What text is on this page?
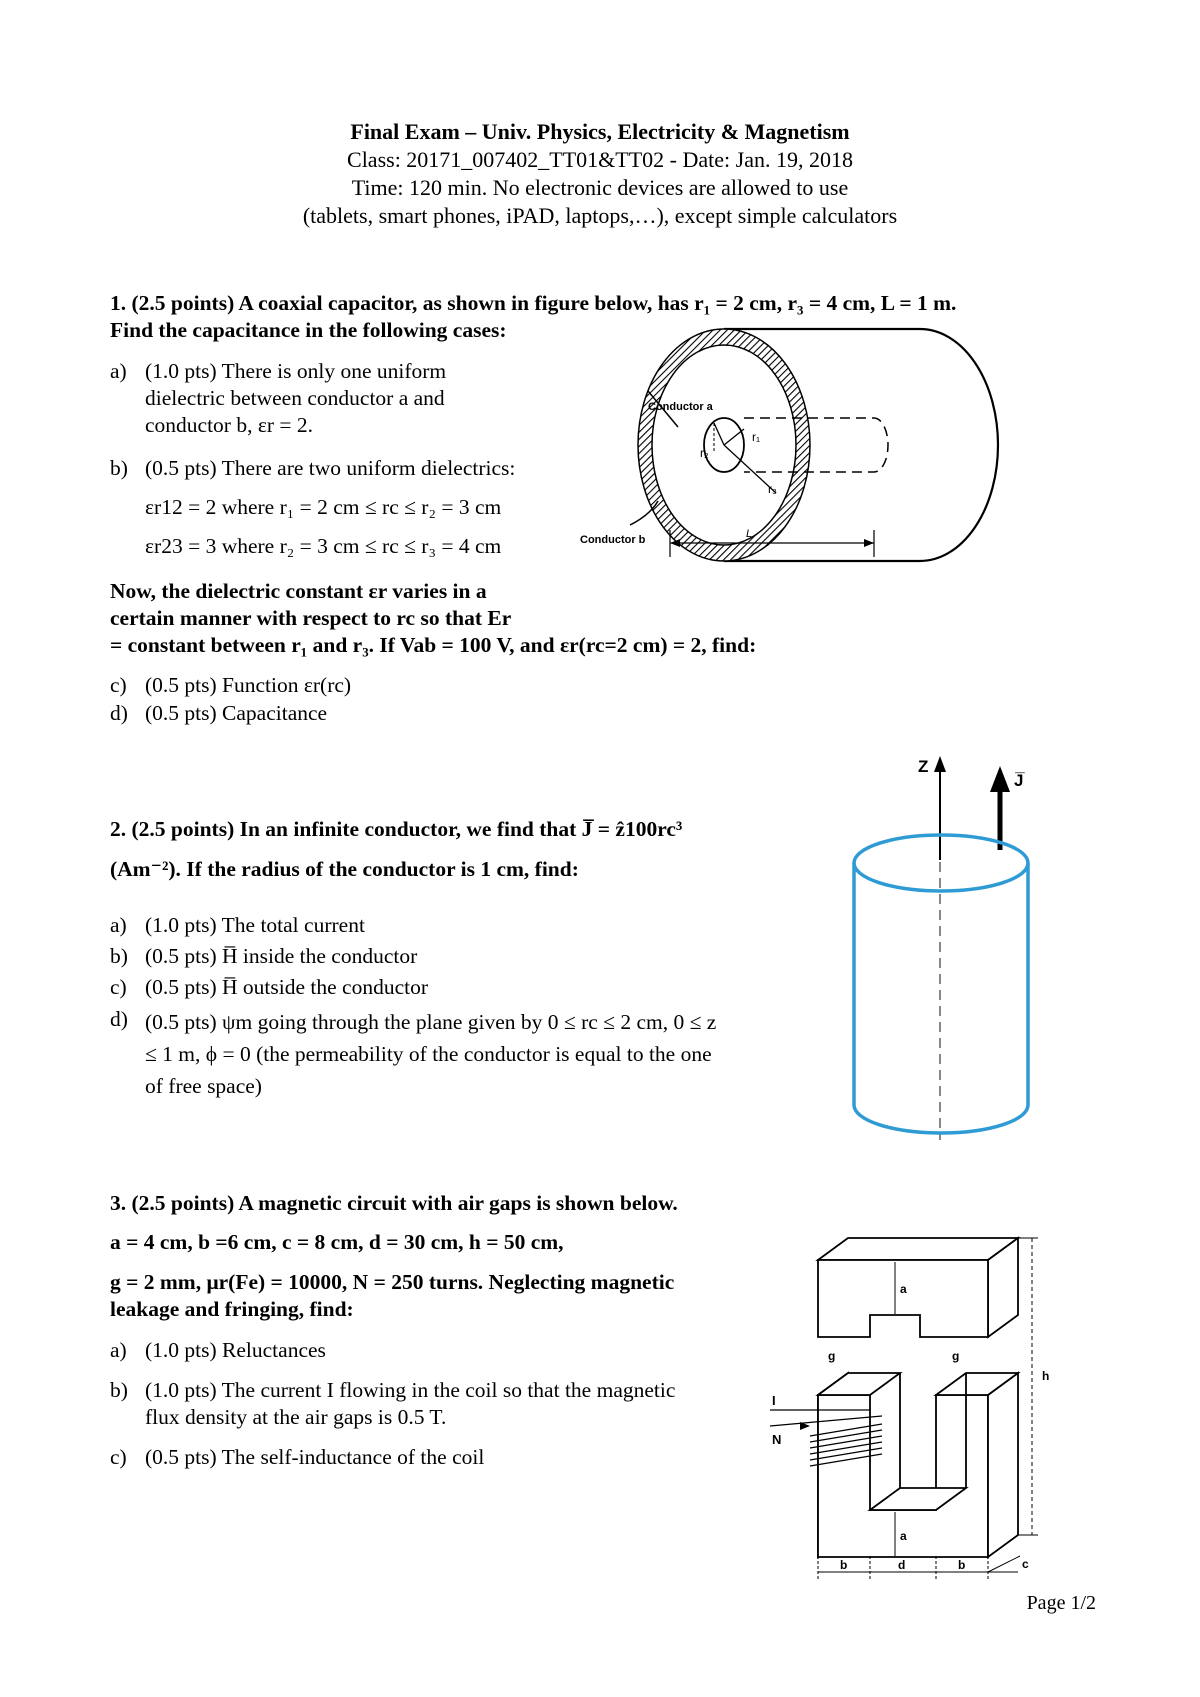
Final Exam – Univ. Physics, Electricity & Magnetism
Class: 20171_007402_TT01&TT02 - Date: Jan. 19, 2018
Time: 120 min. No electronic devices are allowed to use
(tablets, smart phones, iPAD, laptops,…), except simple calculators
1. (2.5 points) A coaxial capacitor, as shown in figure below, has r₁ = 2 cm, r₃ = 4 cm, L = 1 m.
Find the capacitance in the following cases:
a) (1.0 pts) There is only one uniform
dielectric between conductor a and
conductor b, εr = 2.
b) (0.5 pts) There are two uniform dielectrics:
εr12 = 2 where r₁ = 2 cm ≤ rc ≤ r₂ = 3 cm
εr23 = 3 where r₂ = 3 cm ≤ rc ≤ r₃ = 4 cm
Now, the dielectric constant εr varies in a
certain manner with respect to rc so that Er
= constant between r₁ and r₃. If Vab = 100 V, and εr(rc=2 cm) = 2, find:
c) (0.5 pts) Function εr(rc)
d) (0.5 pts) Capacitance
L
Conductor a
Conductor b
r₁
r₂
r₃
2. (2.5 points) In an infinite conductor, we find that J̅ = ẑ100rc³
(Am⁻²). If the radius of the conductor is 1 cm, find:
a) (1.0 pts) The total current
b) (0.5 pts) H̅ inside the conductor
c) (0.5 pts) H̅ outside the conductor
d) (0.5 pts) ψm going through the plane given by 0 ≤ rc ≤ 2 cm, 0 ≤ z
≤ 1 m, ϕ = 0 (the permeability of the conductor is equal to the one
of free space)
Z
J̅
3. (2.5 points) A magnetic circuit with air gaps is shown below.
a = 4 cm, b =6 cm, c = 8 cm, d = 30 cm, h = 50 cm,
g = 2 mm, μr(Fe) = 10000, N = 250 turns. Neglecting magnetic
leakage and fringing, find:
a) (1.0 pts) Reluctances
b) (1.0 pts) The current I flowing in the coil so that the magnetic
flux density at the air gaps is 0.5 T.
c) (0.5 pts) The self-inductance of the coil
I
N
g	g
a
a
h
b	d	b	c
Page 1/2
